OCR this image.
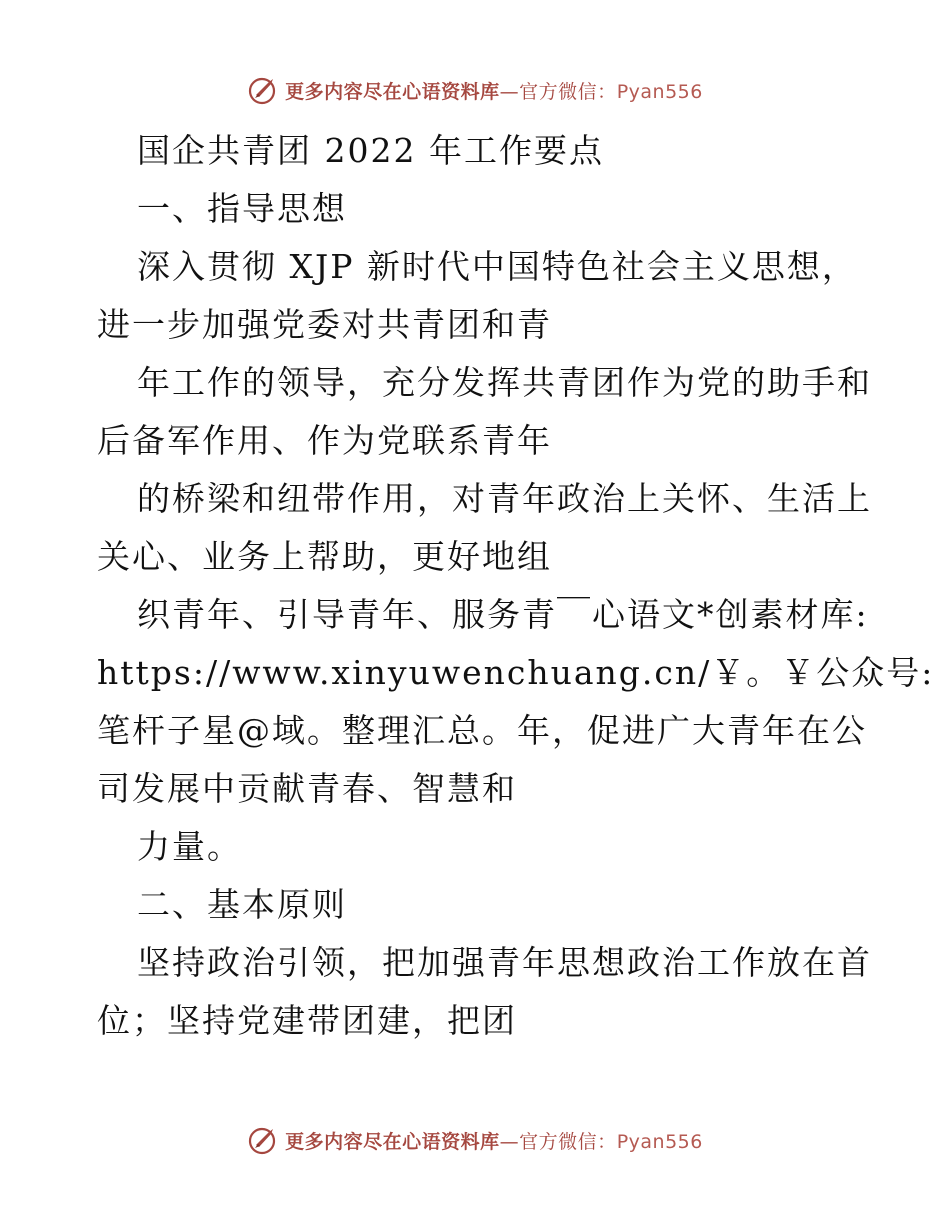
更多内容尽在心语资料库—官方微信：Pyan556
国企共青团 2022 年工作要点
一、指导思想
深入贯彻 XJP 新时代中国特色社会主义思想，
进一步加强党委对共青团和青
年工作的领导，充分发挥共青团作为党的助手和
后备军作用、作为党联系青年
的桥梁和纽带作用，对青年政治上关怀、生活上
关心、业务上帮助，更好地组
织青年、引导青年、服务青￣心语文*创素材库:
https://www.xinyuwenchuang.cn/￥。￥公众号:
笔杆子星@域。整理汇总。年，促进广大青年在公
司发展中贡献青春、智慧和
力量。
二、基本原则
坚持政治引领，把加强青年思想政治工作放在首
位；坚持党建带团建，把团
更多内容尽在心语资料库—官方微信：Pyan556
